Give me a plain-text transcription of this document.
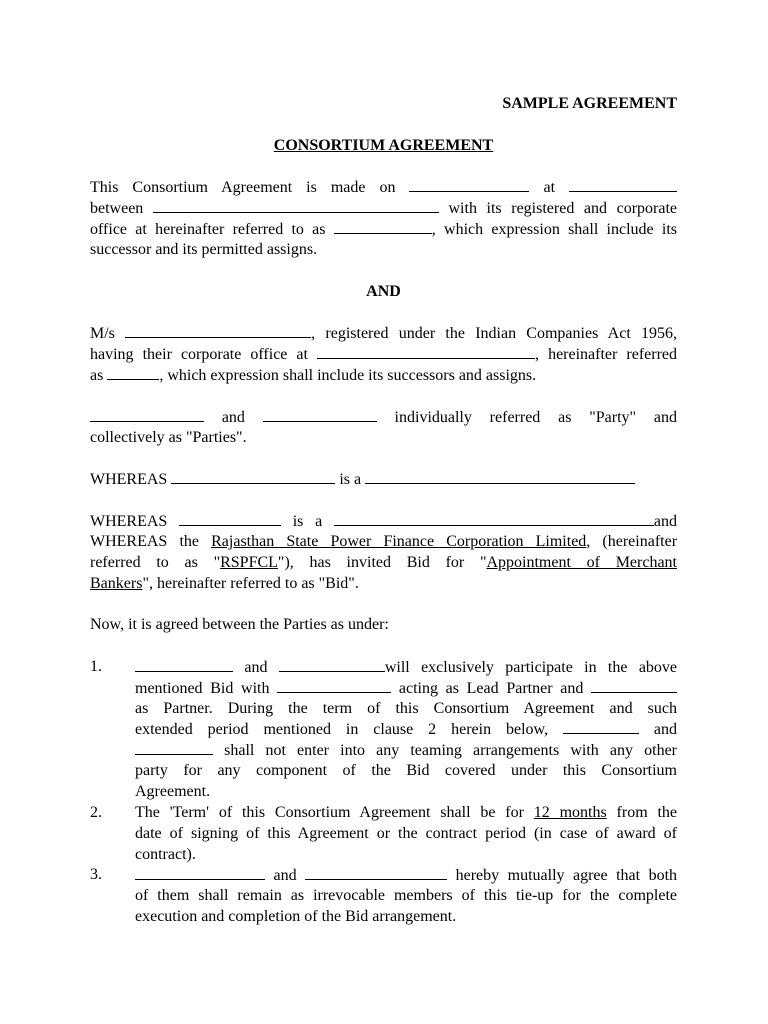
SAMPLE AGREEMENT
CONSORTIUM AGREEMENT
This Consortium Agreement is made on	at
between	with its registered and corporate
office at hereinafter referred to as	, which expression shall include its
successor and its permitted assigns.
AND
M/s	, registered under the Indian Companies Act 1956,
having their corporate office at	, hereinafter referred
as	, which expression shall include its successors and assigns.
and	individually referred as "Party" and
collectively as "Parties".
WHEREAS	is a
WHEREAS	is a	and
WHEREAS the Rajasthan State Power Finance Corporation Limited, (hereinafter
referred to as "RSPFCL"), has invited Bid for "Appointment of Merchant
Bankers", hereinafter referred to as "Bid".
Now, it is agreed between the Parties as under:
1.	and	will exclusively participate in the above
mentioned Bid with	acting as Lead Partner and
as Partner. During the term of this Consortium Agreement and such
extended period mentioned in clause 2 herein below,	and
shall not enter into any teaming arrangements with any other
party for any component of the Bid covered under this Consortium
Agreement.
2. The 'Term' of this Consortium Agreement shall be for 12 months from the
date of signing of this Agreement or the contract period (in case of award of
contract).
3.	and	hereby mutually agree that both
of them shall remain as irrevocable members of this tie-up for the complete
execution and completion of the Bid arrangement.
